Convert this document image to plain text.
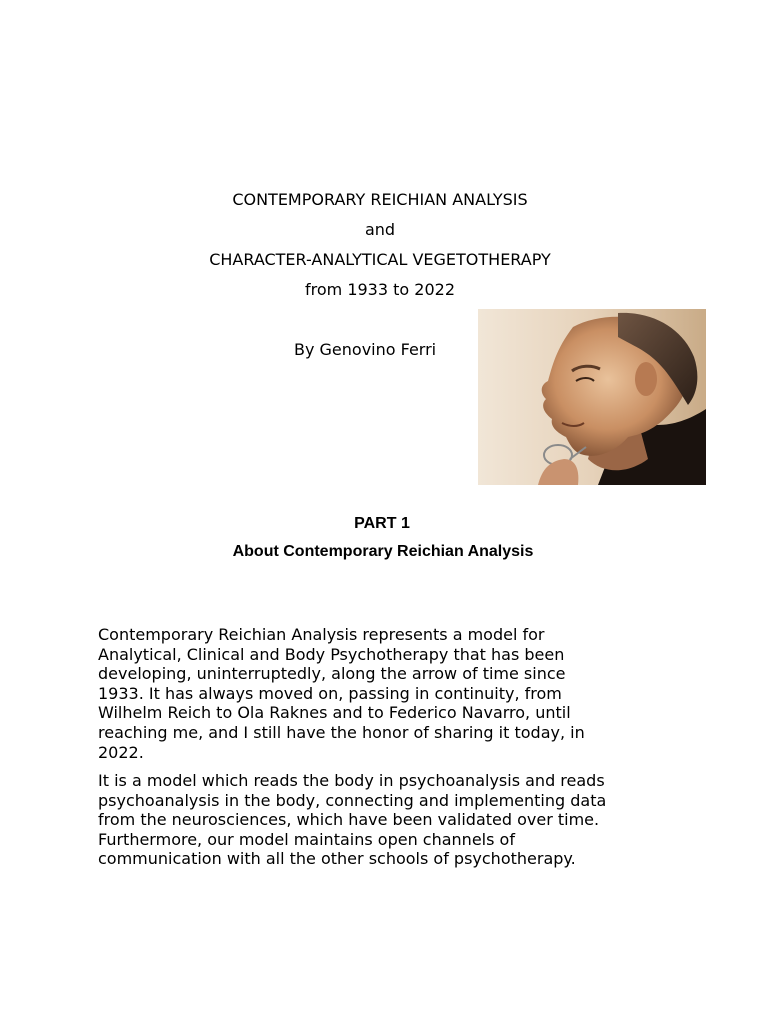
CONTEMPORARY REICHIAN ANALYSIS
and
CHARACTER-ANALYTICAL VEGETOTHERAPY
from 1933 to 2022
By Genovino Ferri
PART 1
About Contemporary Reichian Analysis

Contemporary Reichian Analysis represents a model for
Analytical, Clinical and Body Psychotherapy that has been
developing, uninterruptedly, along the arrow of time since
1933. It has always moved on, passing in continuity, from
Wilhelm Reich to Ola Raknes and to Federico Navarro, until
reaching me, and I still have the honor of sharing it today, in
2022.

It is a model which reads the body in psychoanalysis and reads
psychoanalysis in the body, connecting and implementing data
from the neurosciences, which have been validated over time.
Furthermore, our model maintains open channels of
communication with all the other schools of psychotherapy.
